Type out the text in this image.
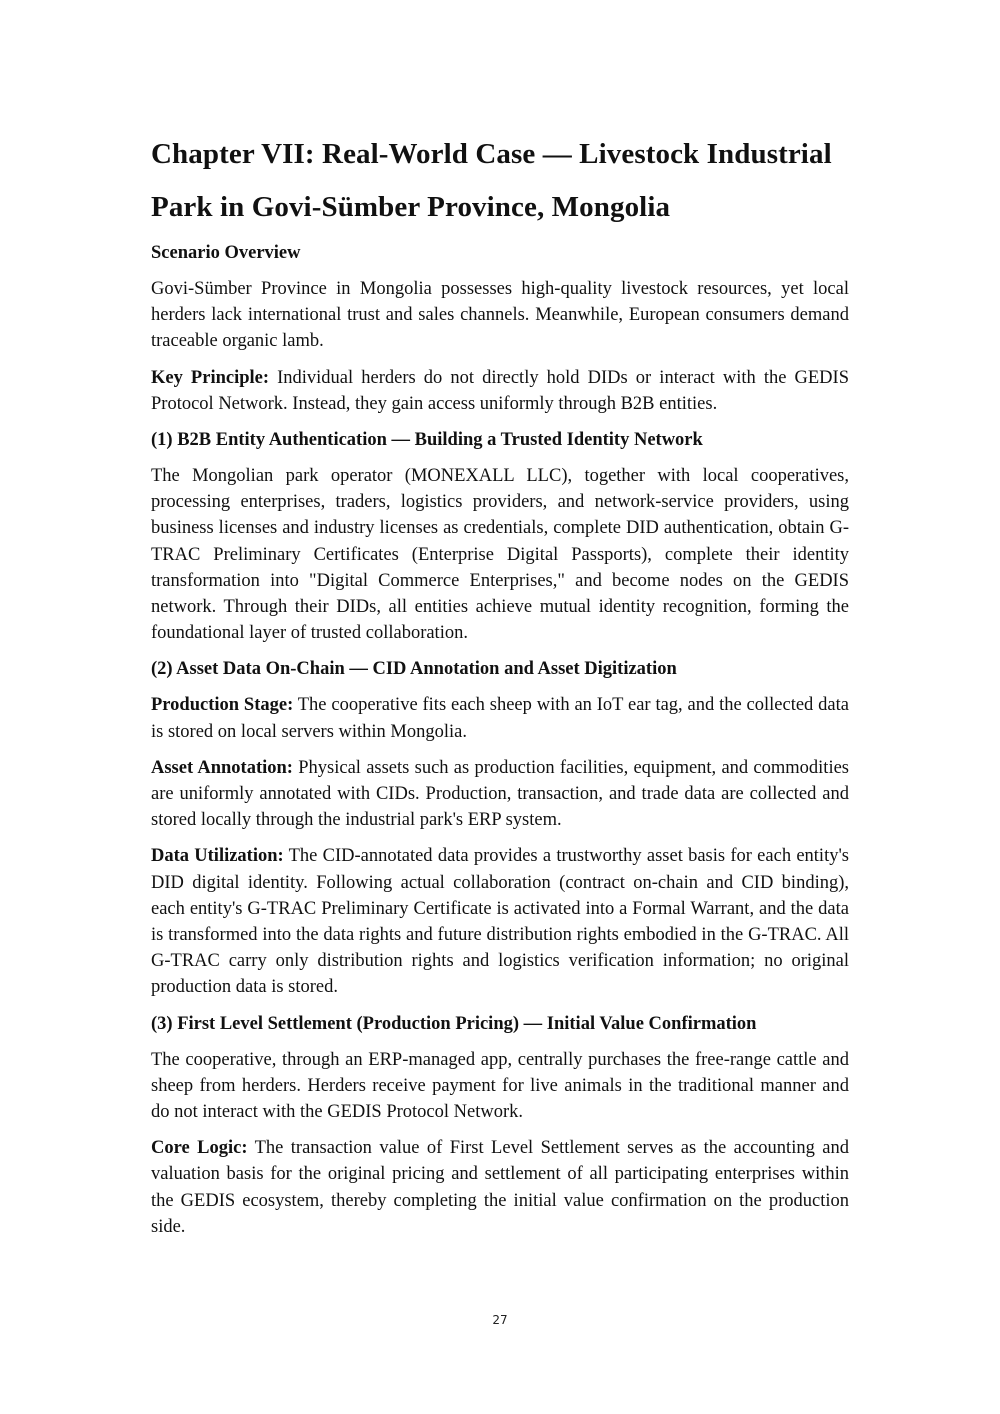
Chapter VII: Real-World Case — Livestock Industrial Park in Govi-Sümber Province, Mongolia
Scenario Overview

Govi-Sümber Province in Mongolia possesses high-quality livestock resources, yet local herders lack international trust and sales channels. Meanwhile, European consumers demand traceable organic lamb.

Key Principle: Individual herders do not directly hold DIDs or interact with the GEDIS Protocol Network. Instead, they gain access uniformly through B2B entities.

(1) B2B Entity Authentication — Building a Trusted Identity Network

The Mongolian park operator (MONEXALL LLC), together with local cooperatives, processing enterprises, traders, logistics providers, and network-service providers, using business licenses and industry licenses as credentials, complete DID authentication, obtain G-TRAC Preliminary Certificates (Enterprise Digital Passports), complete their identity transformation into "Digital Commerce Enterprises," and become nodes on the GEDIS network. Through their DIDs, all entities achieve mutual identity recognition, forming the foundational layer of trusted collaboration.

(2) Asset Data On-Chain — CID Annotation and Asset Digitization

Production Stage: The cooperative fits each sheep with an IoT ear tag, and the collected data is stored on local servers within Mongolia.

Asset Annotation: Physical assets such as production facilities, equipment, and commodities are uniformly annotated with CIDs. Production, transaction, and trade data are collected and stored locally through the industrial park's ERP system.

Data Utilization: The CID-annotated data provides a trustworthy asset basis for each entity's DID digital identity. Following actual collaboration (contract on-chain and CID binding), each entity's G-TRAC Preliminary Certificate is activated into a Formal Warrant, and the data is transformed into the data rights and future distribution rights embodied in the G-TRAC. All G-TRAC carry only distribution rights and logistics verification information; no original production data is stored.

(3) First Level Settlement (Production Pricing) — Initial Value Confirmation

The cooperative, through an ERP-managed app, centrally purchases the free-range cattle and sheep from herders. Herders receive payment for live animals in the traditional manner and do not interact with the GEDIS Protocol Network.

Core Logic: The transaction value of First Level Settlement serves as the accounting and valuation basis for the original pricing and settlement of all participating enterprises within the GEDIS ecosystem, thereby completing the initial value confirmation on the production side.

27
